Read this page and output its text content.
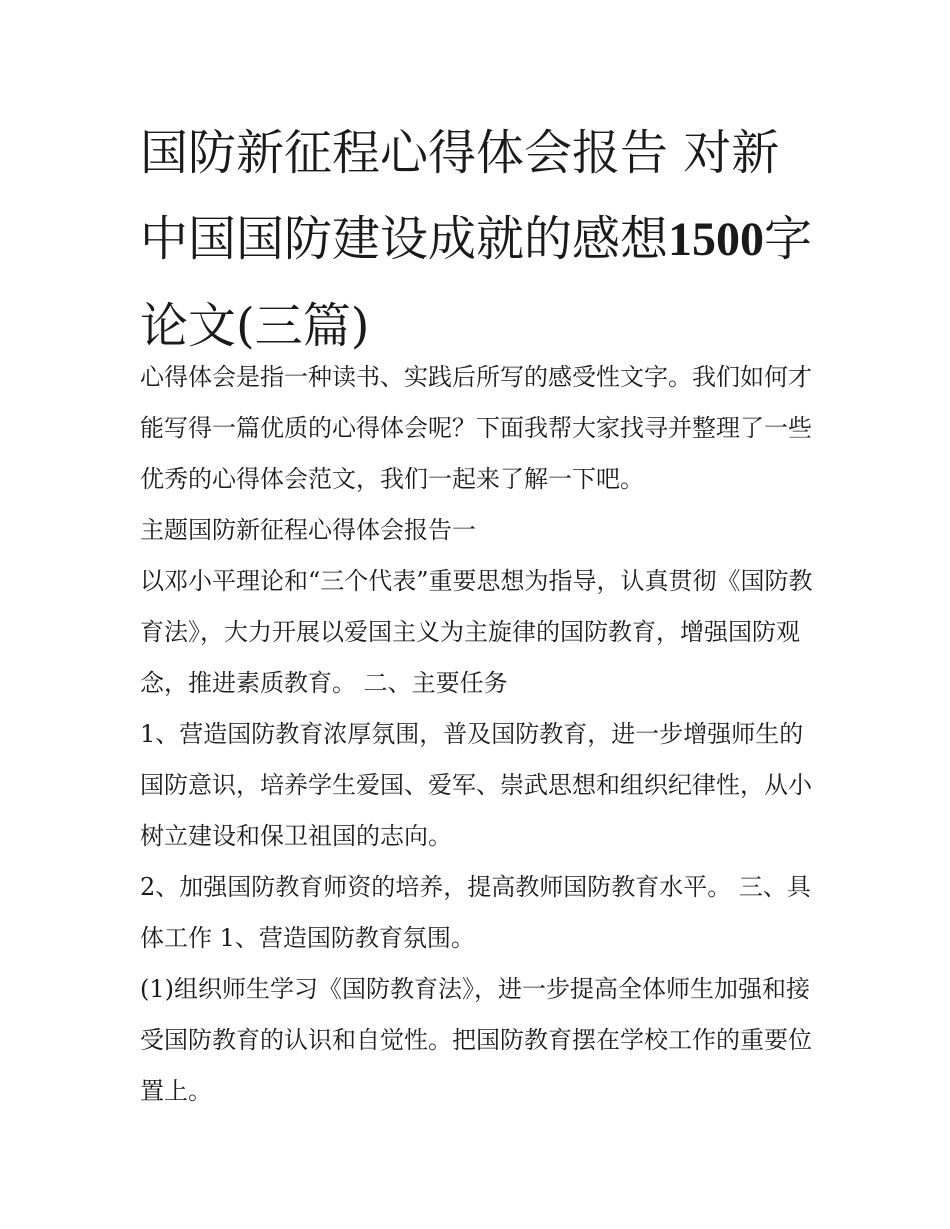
国防新征程心得体会报告 对新中国国防建设成就的感想1500字论文(三篇)

心得体会是指一种读书、实践后所写的感受性文字。我们如何才能写得一篇优质的心得体会呢？下面我帮大家找寻并整理了一些优秀的心得体会范文，我们一起来了解一下吧。

主题国防新征程心得体会报告一

以邓小平理论和“三个代表”重要思想为指导，认真贯彻《国防教育法》，大力开展以爱国主义为主旋律的国防教育，增强国防观念，推进素质教育。 二、主要任务

1、营造国防教育浓厚氛围，普及国防教育，进一步增强师生的国防意识，培养学生爱国、爱军、崇武思想和组织纪律性，从小树立建设和保卫祖国的志向。

2、加强国防教育师资的培养，提高教师国防教育水平。 三、具体工作 1、营造国防教育氛围。

(1)组织师生学习《国防教育法》，进一步提高全体师生加强和接受国防教育的认识和自觉性。把国防教育摆在学校工作的重要位置上。
